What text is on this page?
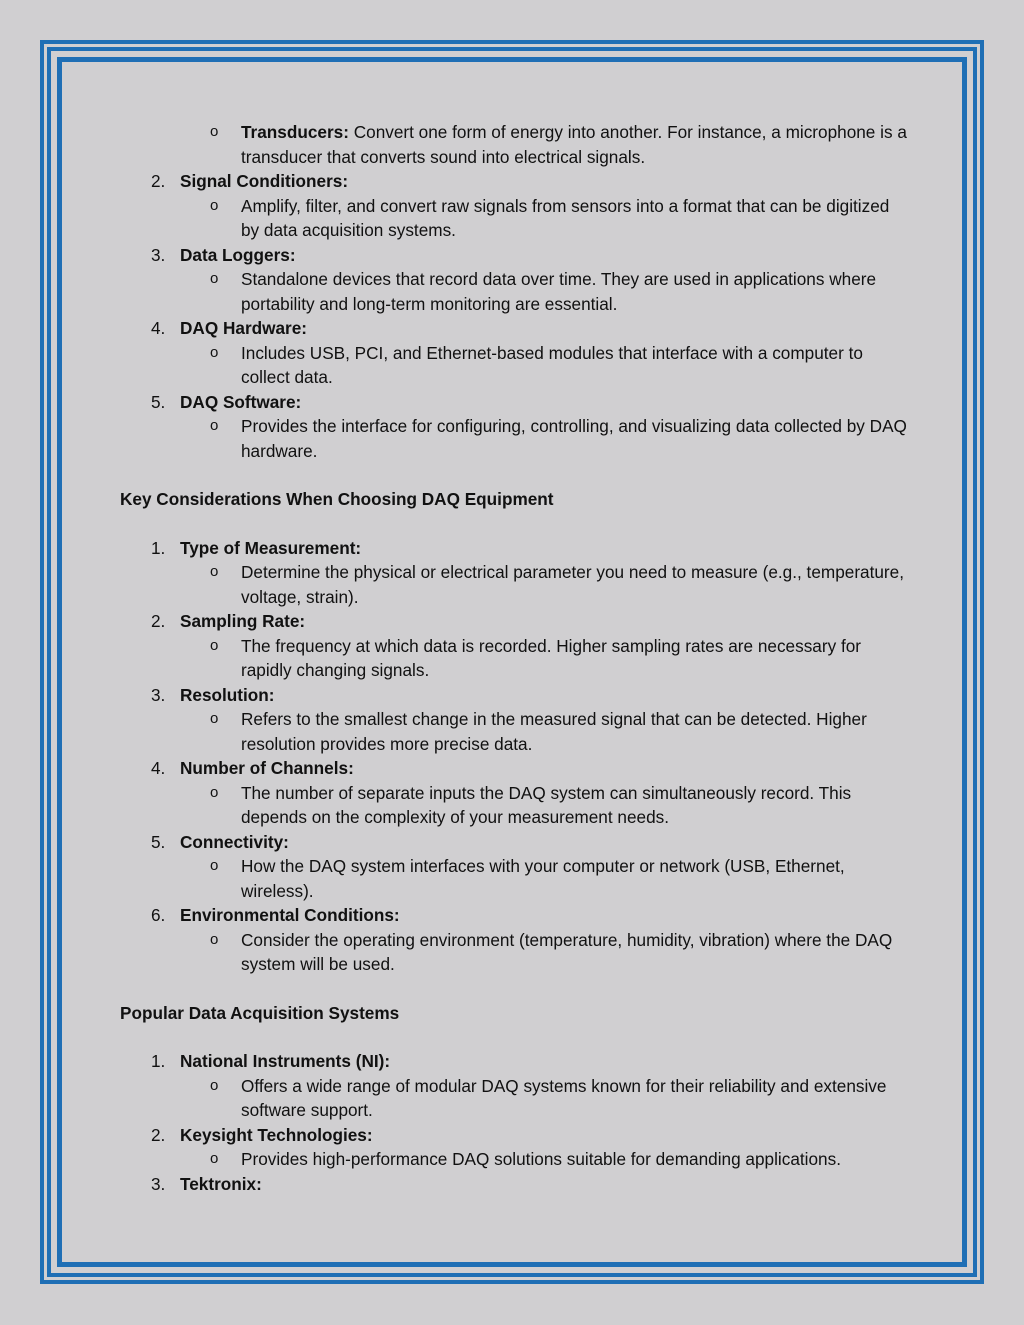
o Transducers: Convert one form of energy into another. For instance, a microphone is a transducer that converts sound into electrical signals.

2. Signal Conditioners:

o Amplify, filter, and convert raw signals from sensors into a format that can be digitized by data acquisition systems.

3. Data Loggers:

o Standalone devices that record data over time. They are used in applications where portability and long-term monitoring are essential.

4. DAQ Hardware:

o Includes USB, PCI, and Ethernet-based modules that interface with a computer to collect data.

5. DAQ Software:

o Provides the interface for configuring, controlling, and visualizing data collected by DAQ hardware.

Key Considerations When Choosing DAQ Equipment

1. Type of Measurement:

o Determine the physical or electrical parameter you need to measure (e.g., temperature, voltage, strain).

2. Sampling Rate:

o The frequency at which data is recorded. Higher sampling rates are necessary for rapidly changing signals.

3. Resolution:

o Refers to the smallest change in the measured signal that can be detected. Higher resolution provides more precise data.

4. Number of Channels:

o The number of separate inputs the DAQ system can simultaneously record. This depends on the complexity of your measurement needs.

5. Connectivity:

o How the DAQ system interfaces with your computer or network (USB, Ethernet, wireless).

6. Environmental Conditions:

o Consider the operating environment (temperature, humidity, vibration) where the DAQ system will be used.

Popular Data Acquisition Systems

1. National Instruments (NI):

o Offers a wide range of modular DAQ systems known for their reliability and extensive software support.

2. Keysight Technologies:

o Provides high-performance DAQ solutions suitable for demanding applications.

3. Tektronix:
